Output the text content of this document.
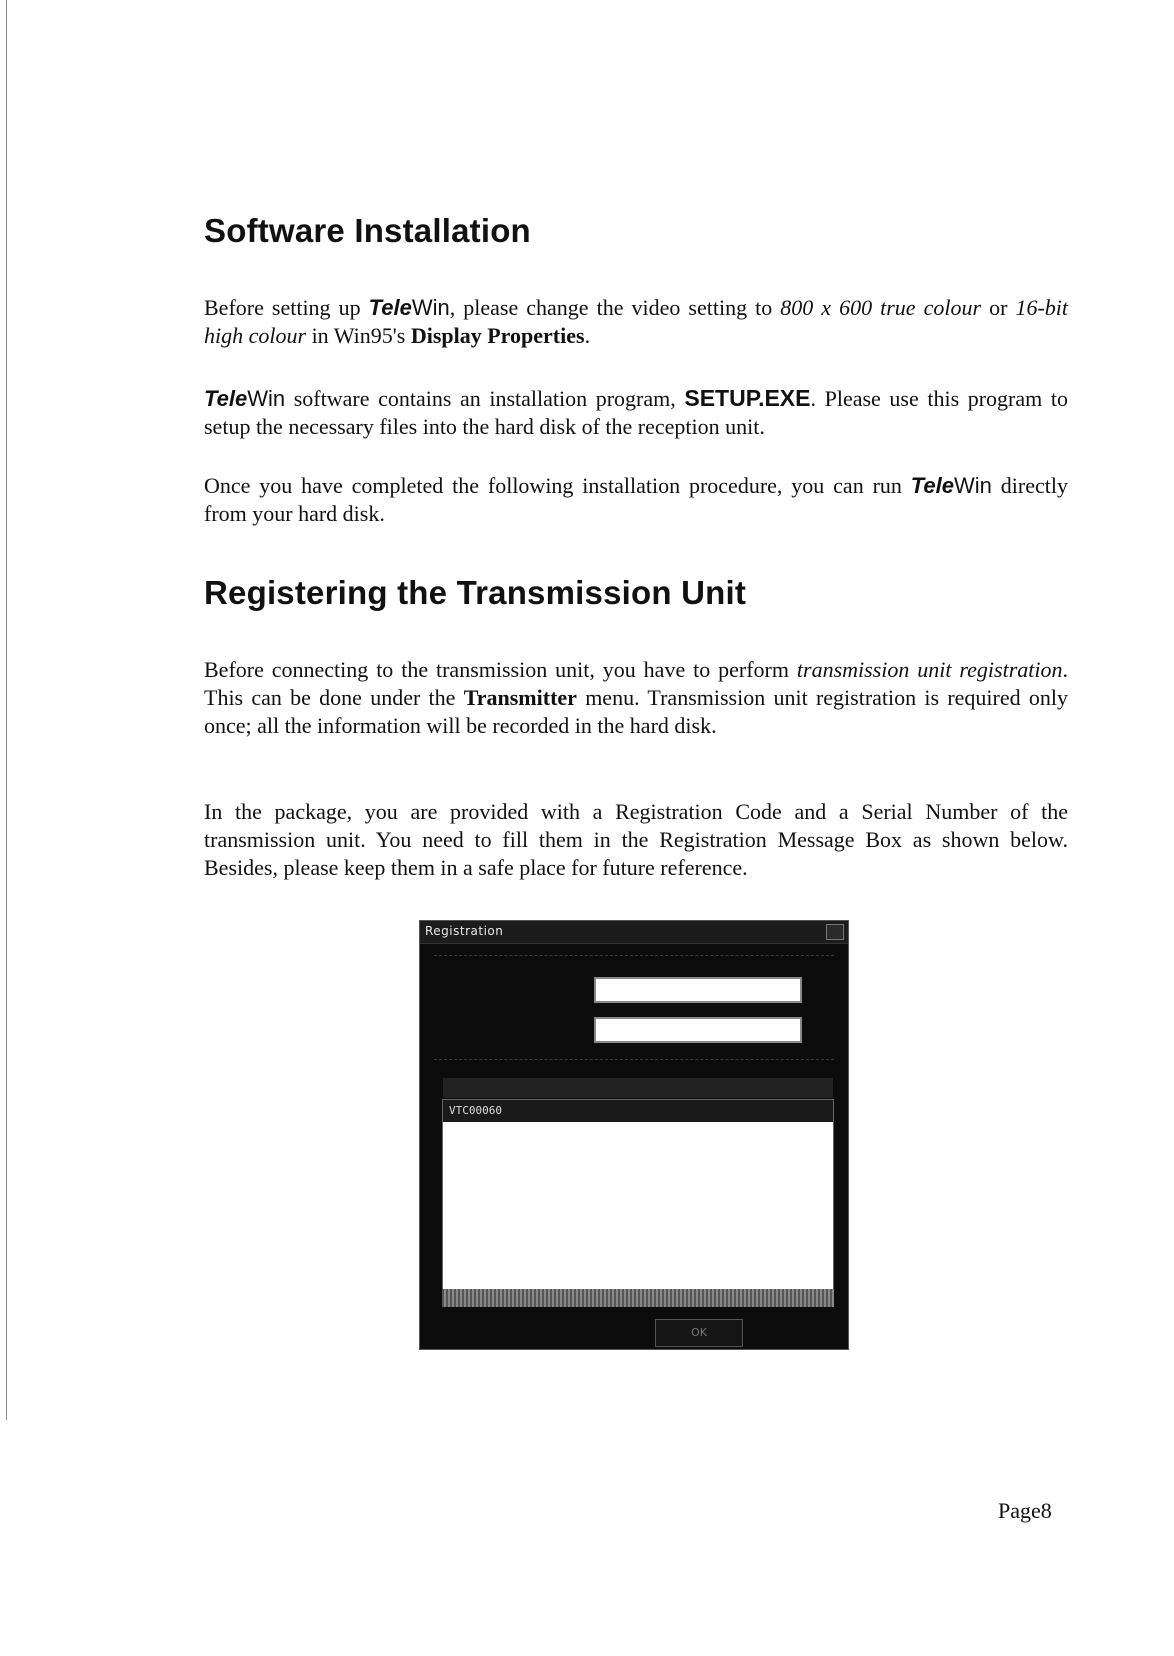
Software Installation

Before setting up TeleWin, please change the video setting to 800 x 600 true colour or 16-bit high colour in Win95's Display Properties.

TeleWin software contains an installation program, SETUP.EXE. Please use this program to setup the necessary files into the hard disk of the reception unit.

Once you have completed the following installation procedure, you can run TeleWin directly from your hard disk.

Registering the Transmission Unit

Before connecting to the transmission unit, you have to perform transmission unit registration. This can be done under the Transmitter menu. Transmission unit registration is required only once; all the information will be recorded in the hard disk.

In the package, you are provided with a Registration Code and a Serial Number of the transmission unit. You need to fill them in the Registration Message Box as shown below. Besides, please keep them in a safe place for future reference.

Registration
VTC00060
OK
Page8
